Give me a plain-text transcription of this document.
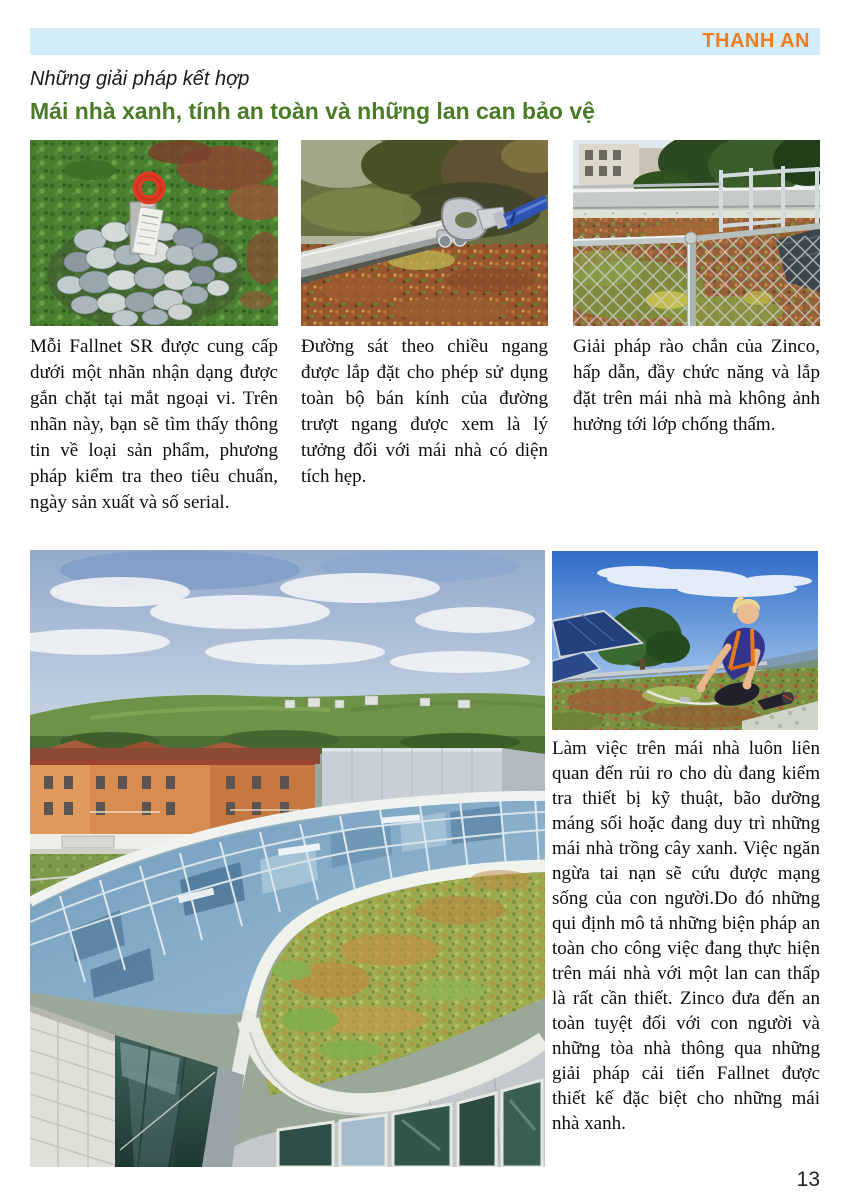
THANH AN
Những giải pháp kết hợp
Mái nhà xanh, tính an toàn và những lan can bảo vệ
Mỗi Fallnet SR được cung cấp dưới một nhãn nhận dạng được gắn chặt tại mắt ngoại vi. Trên nhãn này, bạn sẽ tìm thấy thông tin về loại sản phẩm, phương pháp kiểm tra theo tiêu chuẩn, ngày sản xuất và số serial.
Đường sát theo chiều ngang được lắp đặt cho phép sử dụng toàn bộ bán kính của đường trượt ngang được xem là lý tưởng đối với mái nhà có diện tích hẹp.
Giải pháp rào chắn của Zinco, hấp dẫn, đầy chức năng và lắp đặt trên mái nhà mà không ảnh hưởng tới lớp chống thấm.
Làm việc trên mái nhà luôn liên quan đến rủi ro cho dù đang kiểm tra thiết bị kỹ thuật, bão dưỡng máng sối hoặc đang duy trì những mái nhà trồng cây xanh. Việc ngăn ngừa tai nạn sẽ cứu được mạng sống của con người.Do đó những qui định mô tả những biện pháp an toàn cho công việc đang thực hiện trên mái nhà với một lan can thấp là rất cần thiết. Zinco đưa đến an toàn tuyệt đối với con người và những tòa nhà thông qua những giải pháp cải tiến Fallnet được thiết kế đặc biệt cho những mái nhà xanh.
13
